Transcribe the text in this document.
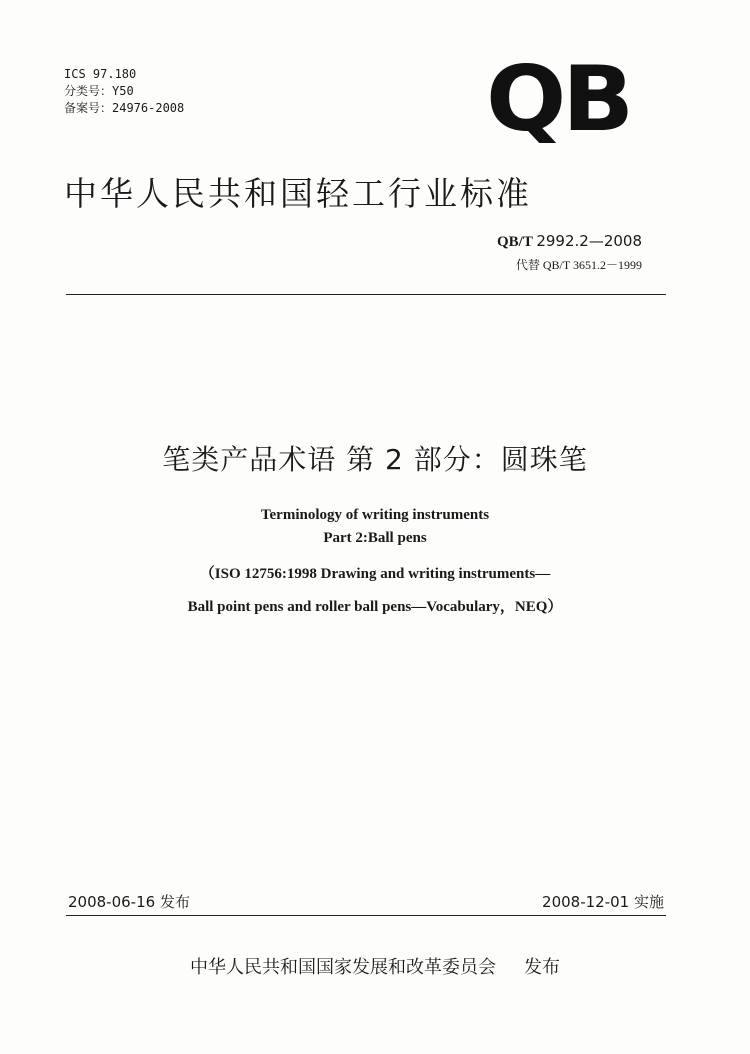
ICS 97.180
分类号：Y50
备案号：24976-2008	QB
中华人民共和国轻工行业标准
QB/T 2992.2—2008
代替 QB/T 3651.2－1999
笔类产品术语 第 2 部分：圆珠笔
Terminology of writing instruments
Part 2:Ball pens
（ISO 12756:1998 Drawing and writing instruments—
Ball point pens and roller ball pens—Vocabulary，NEQ）
2008-06-16 发布	2008-12-01 实施
中华人民共和国国家发展和改革委员会 发布
